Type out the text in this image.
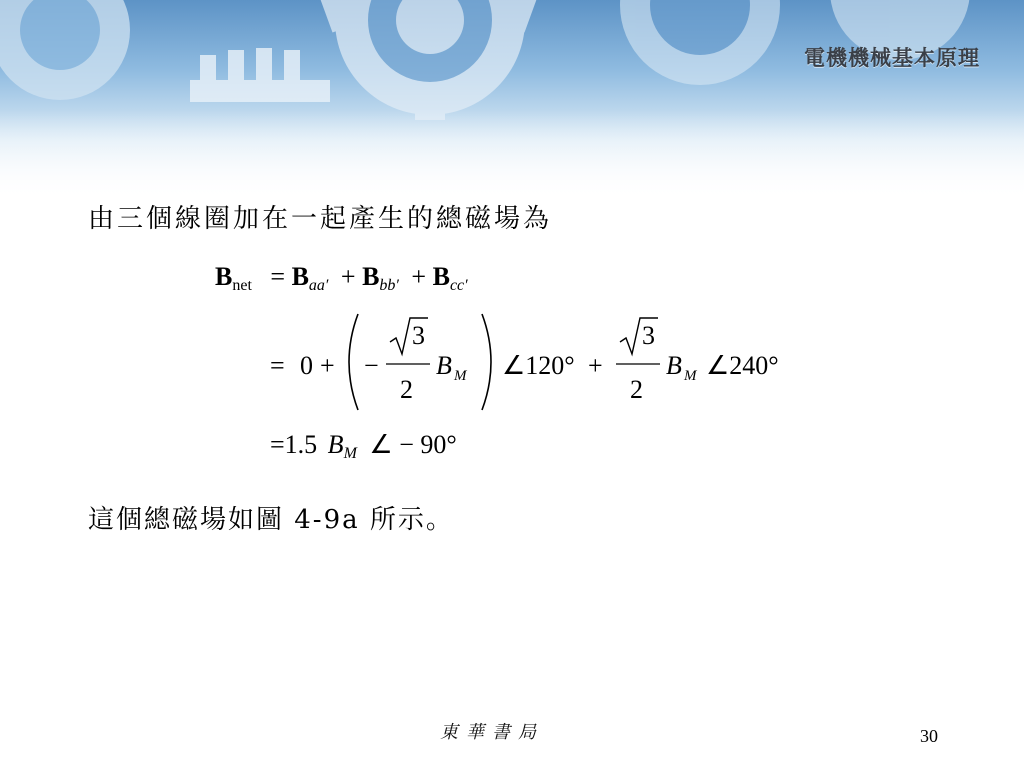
電機機械基本原理
由三個線圈加在一起產生的總磁場為
$B_{net} = B_{aa'} + B_{bb'} + B_{cc'}$
= 0 + −
3
2
B M ∠120° +
3
2
B M ∠240°
=1.5 $B_M$ ∠ − 90°
這個總磁場如圖 4-9a 所示。
東華書局	30
